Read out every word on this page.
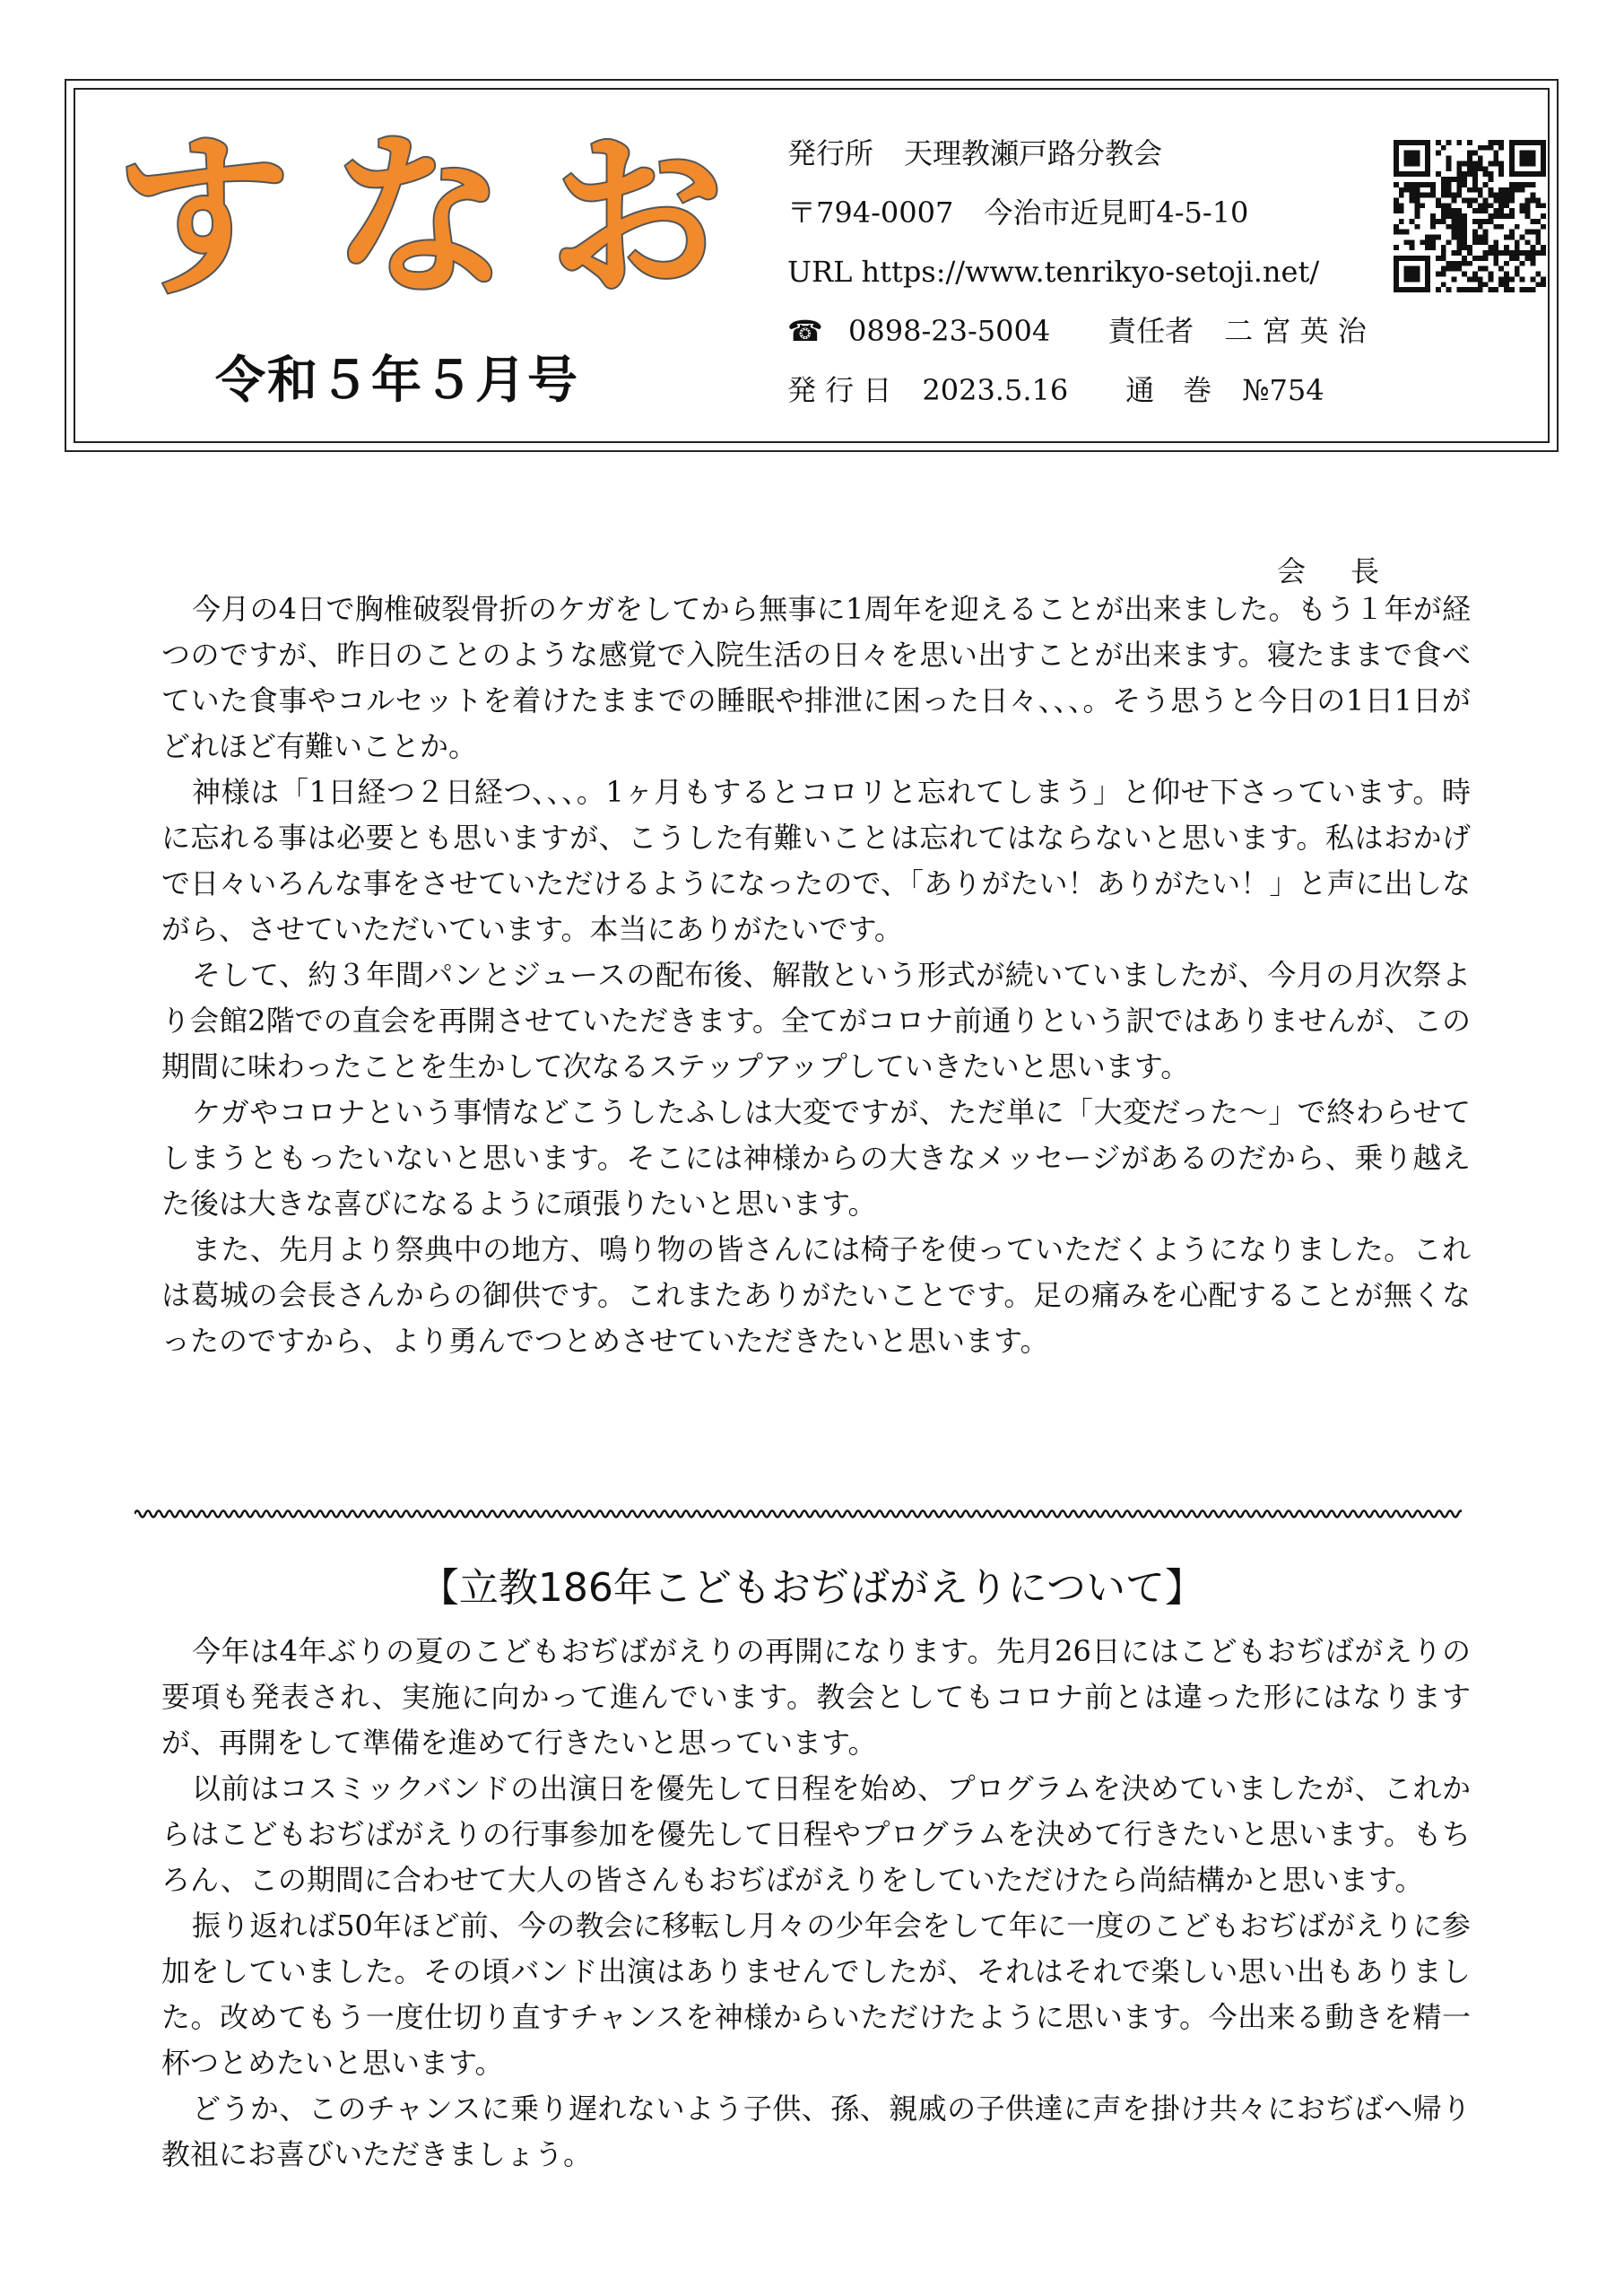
すなお
令和５年５月号
発行所 天理教瀬戸路分教会
〒794-0007 今治市近見町4-5-10
URL https://www.tenrikyo-setoji.net/
☎ 0898-23-5004 責任者 二 宮 英 治
発 行 日 2023.5.16 通　巻 №754
会長

今月の4日で胸椎破裂骨折のケガをしてから無事に1周年を迎えることが出来ました。もう１年が経つのですが、昨日のことのような感覚で入院生活の日々を思い出すことが出来ます。寝たままで食べていた食事やコルセットを着けたままでの睡眠や排泄に困った日々、、、。そう思うと今日の1日1日がどれほど有難いことか。

神様は「1日経つ２日経つ、、、。1ヶ月もするとコロリと忘れてしまう」と仰せ下さっています。時に忘れる事は必要とも思いますが、こうした有難いことは忘れてはならないと思います。私はおかげで日々いろんな事をさせていただけるようになったので、「ありがたい！ありがたい！」と声に出しながら、させていただいています。本当にありがたいです。

そして、約３年間パンとジュースの配布後、解散という形式が続いていましたが、今月の月次祭より会館2階での直会を再開させていただきます。全てがコロナ前通りという訳ではありませんが、この期間に味わったことを生かして次なるステップアップしていきたいと思います。

ケガやコロナという事情などこうしたふしは大変ですが、ただ単に「大変だった～」で終わらせてしまうともったいないと思います。そこには神様からの大きなメッセージがあるのだから、乗り越えた後は大きな喜びになるように頑張りたいと思います。

また、先月より祭典中の地方、鳴り物の皆さんには椅子を使っていただくようになりました。これは葛城の会長さんからの御供です。これまたありがたいことです。足の痛みを心配することが無くなったのですから、より勇んでつとめさせていただきたいと思います。

【立教186年こどもおぢばがえりについて】

今年は4年ぶりの夏のこどもおぢばがえりの再開になります。先月26日にはこどもおぢばがえりの要項も発表され、実施に向かって進んでいます。教会としてもコロナ前とは違った形にはなりますが、再開をして準備を進めて行きたいと思っています。

以前はコスミックバンドの出演日を優先して日程を始め、プログラムを決めていましたが、これからはこどもおぢばがえりの行事参加を優先して日程やプログラムを決めて行きたいと思います。もちろん、この期間に合わせて大人の皆さんもおぢばがえりをしていただけたら尚結構かと思います。

振り返れば50年ほど前、今の教会に移転し月々の少年会をして年に一度のこどもおぢばがえりに参加をしていました。その頃バンド出演はありませんでしたが、それはそれで楽しい思い出もありました。改めてもう一度仕切り直すチャンスを神様からいただけたように思います。今出来る動きを精一杯つとめたいと思います。

どうか、このチャンスに乗り遅れないよう子供、孫、親戚の子供達に声を掛け共々におぢばへ帰り教祖にお喜びいただきましょう。
